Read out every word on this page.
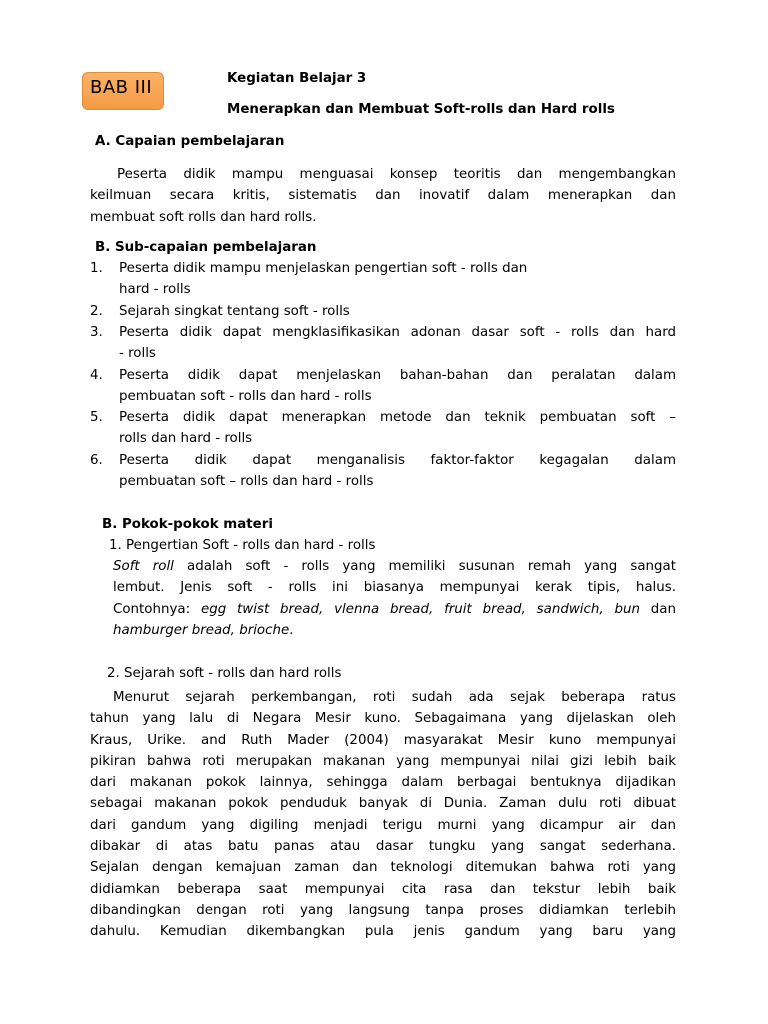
BAB III	Kegiatan Belajar 3
Menerapkan dan Membuat Soft-rolls dan Hard rolls
A. Capaian pembelajaran
Peserta didik mampu menguasai konsep teoritis dan mengembangkan
keilmuan secara kritis, sistematis dan inovatif dalam menerapkan dan
membuat soft rolls dan hard rolls.
B. Sub-capaian pembelajaran
1. Peserta didik mampu menjelaskan pengertian soft - rolls dan
hard - rolls
2. Sejarah singkat tentang soft - rolls
3. Peserta didik dapat mengklasifikasikan adonan dasar soft - rolls dan hard
- rolls
4. Peserta didik dapat menjelaskan bahan-bahan dan peralatan dalam
pembuatan soft - rolls dan hard - rolls
5. Peserta didik dapat menerapkan metode dan teknik pembuatan soft –
rolls dan hard - rolls
6. Peserta didik dapat menganalisis faktor-faktor kegagalan dalam
pembuatan soft – rolls dan hard - rolls
B. Pokok-pokok materi
1. Pengertian Soft - rolls dan hard - rolls
Soft roll adalah soft - rolls yang memiliki susunan remah yang sangat
lembut. Jenis soft - rolls ini biasanya mempunyai kerak tipis, halus.
Contohnya: egg twist bread, vlenna bread, fruit bread, sandwich, bun dan
hamburger bread, brioche.
2. Sejarah soft - rolls dan hard rolls
Menurut sejarah perkembangan, roti sudah ada sejak beberapa ratus
tahun yang lalu di Negara Mesir kuno. Sebagaimana yang dijelaskan oleh
Kraus, Urike. and Ruth Mader (2004) masyarakat Mesir kuno mempunyai
pikiran bahwa roti merupakan makanan yang mempunyai nilai gizi lebih baik
dari makanan pokok lainnya, sehingga dalam berbagai bentuknya dijadikan
sebagai makanan pokok penduduk banyak di Dunia. Zaman dulu roti dibuat
dari gandum yang digiling menjadi terigu murni yang dicampur air dan
dibakar di atas batu panas atau dasar tungku yang sangat sederhana.
Sejalan dengan kemajuan zaman dan teknologi ditemukan bahwa roti yang
didiamkan beberapa saat mempunyai cita rasa dan tekstur lebih baik
dibandingkan dengan roti yang langsung tanpa proses didiamkan terlebih
dahulu. Kemudian dikembangkan pula jenis gandum yang baru yang
